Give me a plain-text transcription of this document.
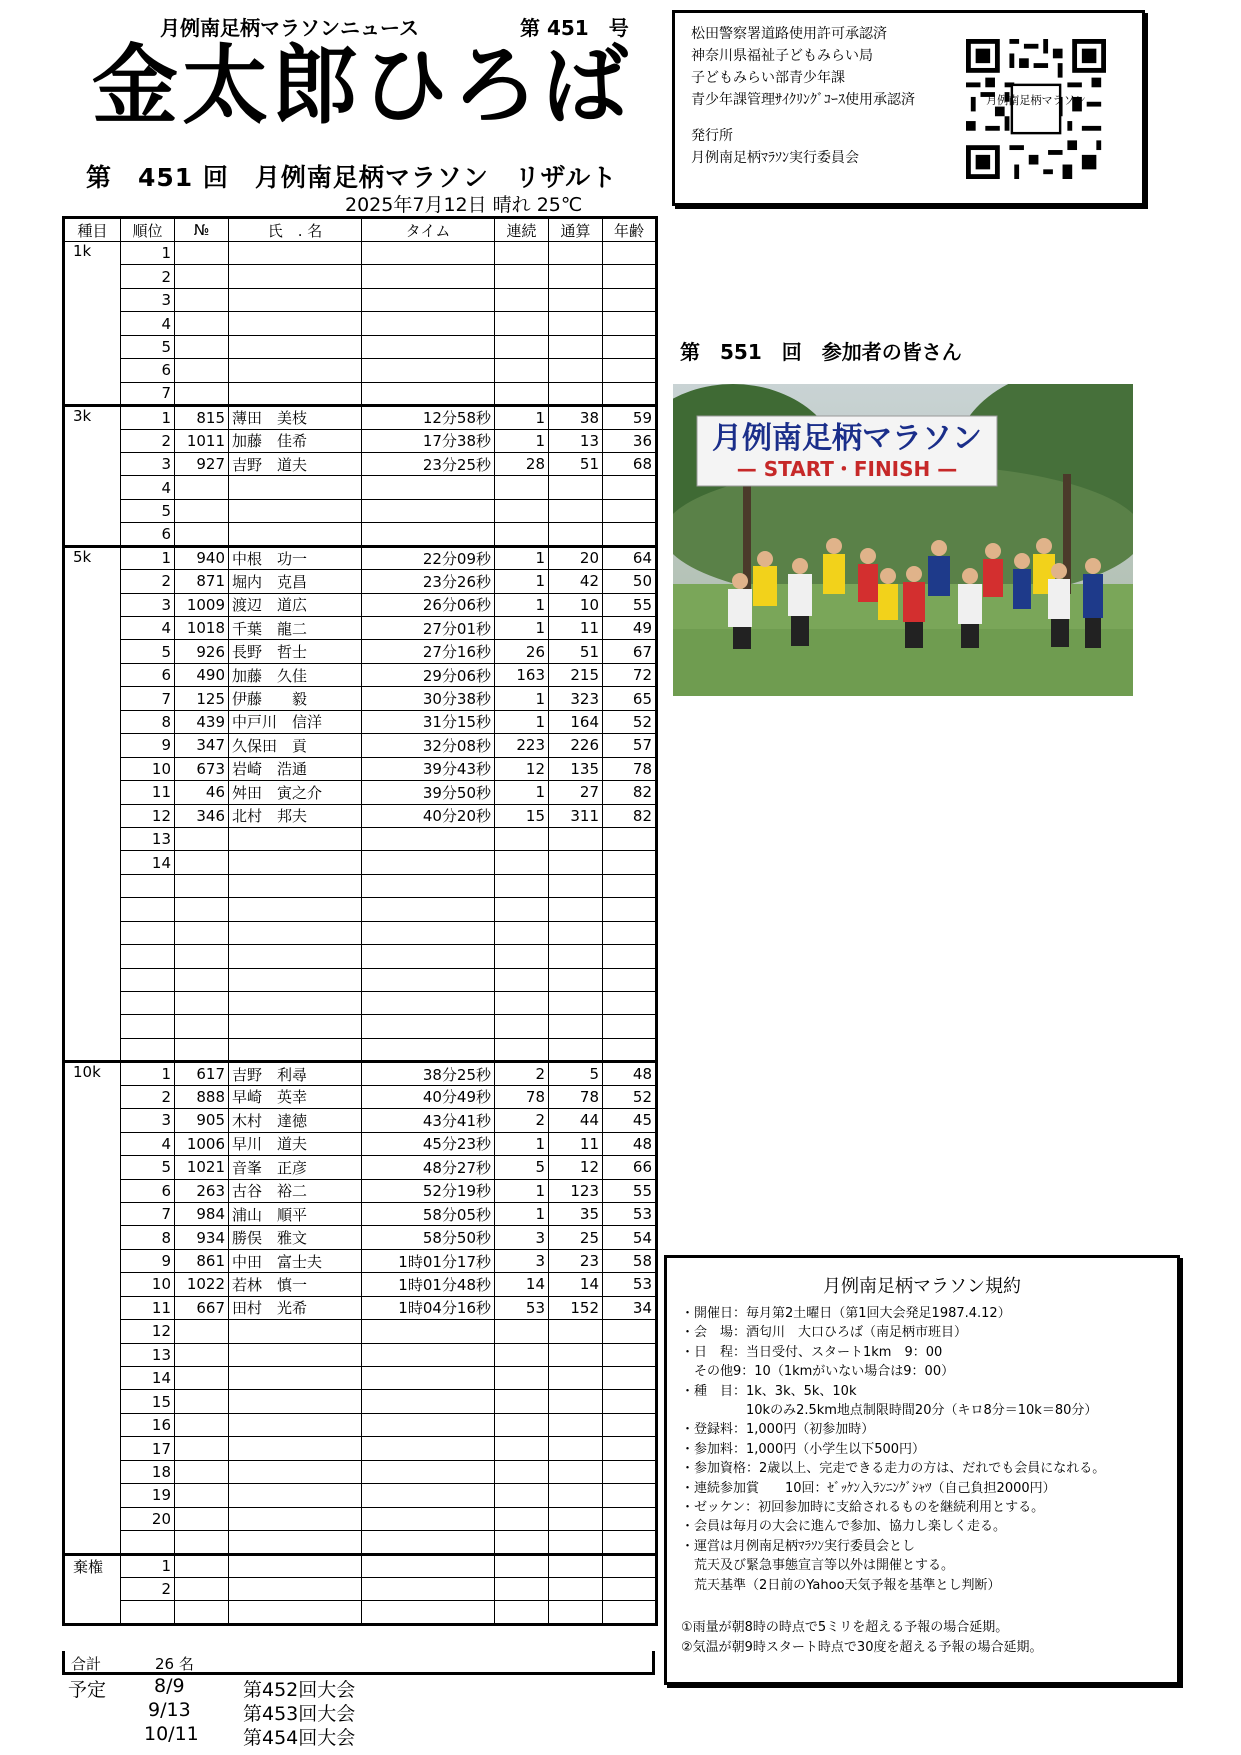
月例南足柄マラソンニュース	第 451　号
金太郎ひろば
松田警察署道路使用許可承認済
神奈川県福祉子どもみらい局
子どもみらい部青少年課
青少年課管理ｻｲｸﾘﾝｸﾞｺｰｽ使用承認済
発行所
月例南足柄ﾏﾗｿﾝ実行委員会
月例南足柄マラソン
第　451 回　月例南足柄マラソン　リザルト
2025年7月12日 晴れ 25℃
種目	順位	№	氏　. 名	タイム	連続	通算	年齢
1k	1						
	2						
	3						
	4						
	5						
	6						
	7						
3k	1	815	薄田　美枝	12分58秒	1	38	59
	2	1011	加藤　佳希	17分38秒	1	13	36
	3	927	吉野　道夫	23分25秒	28	51	68
	4						
	5						
	6						
5k	1	940	中根　功一	22分09秒	1	20	64
	2	871	堀内　克昌	23分26秒	1	42	50
	3	1009	渡辺　道広	26分06秒	1	10	55
	4	1018	千葉　龍二	27分01秒	1	11	49
	5	926	長野　哲士	27分16秒	26	51	67
	6	490	加藤　久佳	29分06秒	163	215	72
	7	125	伊藤　　毅	30分38秒	1	323	65
	8	439	中戸川　信洋	31分15秒	1	164	52
	9	347	久保田　貢	32分08秒	223	226	57
	10	673	岩崎　浩通	39分43秒	12	135	78
	11	46	舛田　寅之介	39分50秒	1	27	82
	12	346	北村　邦夫	40分20秒	15	311	82
	13						
	14						

10k	1	617	吉野　利尋	38分25秒	2	5	48
	2	888	早崎　英幸	40分49秒	78	78	52
	3	905	木村　達徳	43分41秒	2	44	45
	4	1006	早川　道夫	45分23秒	1	11	48
	5	1021	音峯　正彦	48分27秒	5	12	66
	6	263	古谷　裕二	52分19秒	1	123	55
	7	984	浦山　順平	58分05秒	1	35	53
	8	934	勝俣　雅文	58分50秒	3	25	54
	9	861	中田　富士夫	1時01分17秒	3	23	58
	10	1022	若林　慎一	1時01分48秒	14	14	53
	11	667	田村　光希	1時04分16秒	53	152	34
	12						
	13						
	14						
	15						
	16						
	17						
	18						
	19						
	20						

棄権	1						
	2						

合計	26 名
予定	8/9	第452回大会
9/13	第453回大会
10/11 第454回大会
第　551　回　参加者の皆さん
月例南足柄マラソン
— START・FINISH —
月例南足柄マラソン規約
・開催日：毎月第2土曜日（第1回大会発足1987.4.12）
・会　場：酒匂川　大口ひろば（南足柄市班目）
・日　程：当日受付、スタート1km　9：00
　その他9：10（1kmがいない場合は9：00）
・種　目：1k、3k、5k、10k
　　　　　10kのみ2.5km地点制限時間20分（キロ8分＝10k＝80分）
・登録料：1,000円（初参加時）
・参加料：1,000円（小学生以下500円）
・参加資格：2歳以上、完走できる走力の方は、だれでも会員になれる。
・連続参加賞　　10回：ｾﾞｯｹﾝ入ﾗﾝﾆﾝｸﾞｼｬﾂ（自己負担2000円）
・ゼッケン：初回参加時に支給されるものを継続利用とする。
・会員は毎月の大会に進んで参加、協力し楽しく走る。
・運営は月例南足柄ﾏﾗｿﾝ実行委員会とし
　荒天及び緊急事態宣言等以外は開催とする。
　荒天基準（2日前のYahoo天気予報を基準とし判断）
①雨量が朝8時の時点で5ミリを超える予報の場合延期。
②気温が朝9時スタート時点で30度を超える予報の場合延期。
